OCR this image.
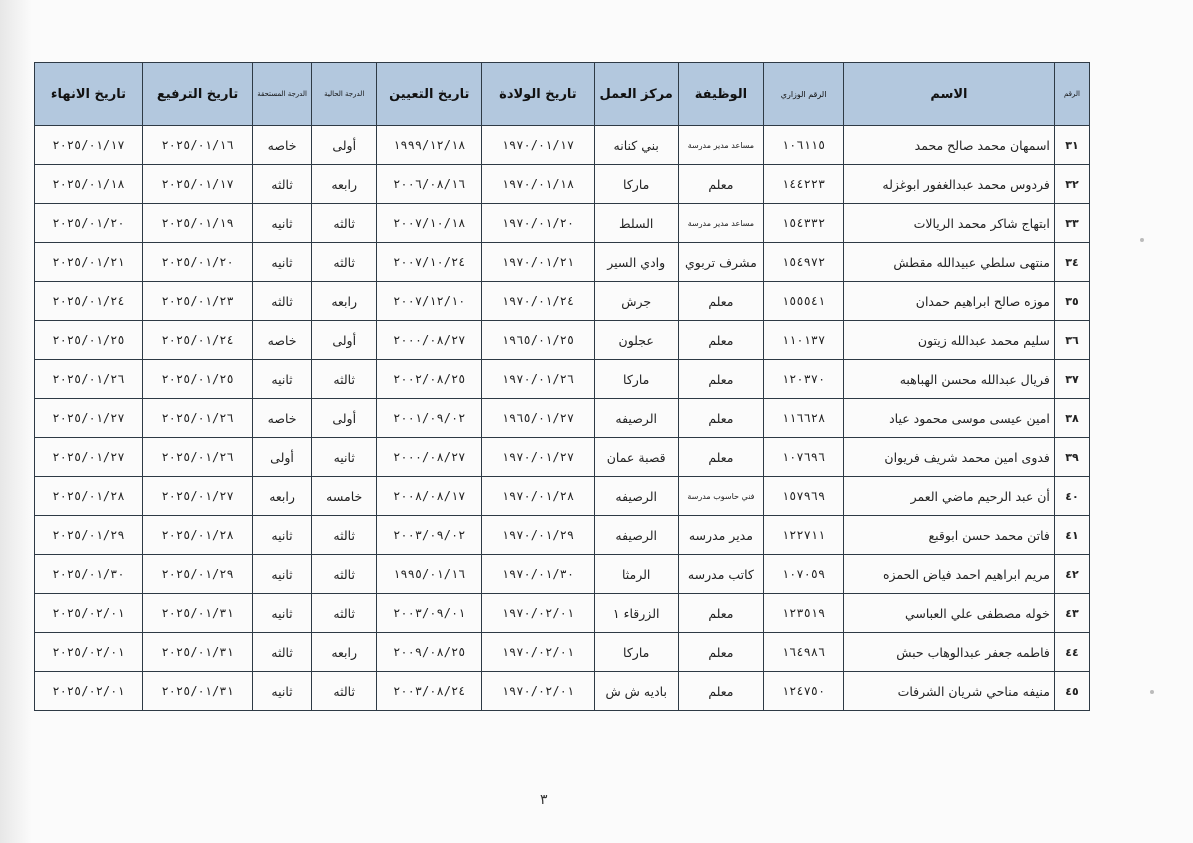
الرقم	الاسم	الرقم الوزاري	الوظيفة	مركز العمل	تاريخ الولادة	تاريخ التعيين	الدرجة الحالية	الدرجة المستحقة	تاريخ الترفيع	تاريخ الانهاء
٣١	اسمهان محمد صالح محمد	١٠٦١١٥	مساعد مدير مدرسة	بني كنانه	١٩٧٠/٠١/١٧	١٩٩٩/١٢/١٨	أولى	خاصه	٢٠٢٥/٠١/١٦	٢٠٢٥/٠١/١٧
٣٢	فردوس محمد عبدالغفور ابوغزله	١٤٤٢٢٣	معلم	ماركا	١٩٧٠/٠١/١٨	٢٠٠٦/٠٨/١٦	رابعه	ثالثه	٢٠٢٥/٠١/١٧	٢٠٢٥/٠١/١٨
٣٣	ابتهاج شاكر محمد الريالات	١٥٤٣٣٢	مساعد مدير مدرسة	السلط	١٩٧٠/٠١/٢٠	٢٠٠٧/١٠/١٨	ثالثه	ثانيه	٢٠٢٥/٠١/١٩	٢٠٢٥/٠١/٢٠
٣٤	منتهى سلطي عبيدالله مقطش	١٥٤٩٧٢	مشرف تربوي	وادي السير	١٩٧٠/٠١/٢١	٢٠٠٧/١٠/٢٤	ثالثه	ثانيه	٢٠٢٥/٠١/٢٠	٢٠٢٥/٠١/٢١
٣٥	موزه صالح ابراهيم حمدان	١٥٥٥٤١	معلم	جرش	١٩٧٠/٠١/٢٤	٢٠٠٧/١٢/١٠	رابعه	ثالثه	٢٠٢٥/٠١/٢٣	٢٠٢٥/٠١/٢٤
٣٦	سليم محمد عبدالله زيتون	١١٠١٣٧	معلم	عجلون	١٩٦٥/٠١/٢٥	٢٠٠٠/٠٨/٢٧	أولى	خاصه	٢٠٢٥/٠١/٢٤	٢٠٢٥/٠١/٢٥
٣٧	فريال عبدالله محسن الهباهبه	١٢٠٣٧٠	معلم	ماركا	١٩٧٠/٠١/٢٦	٢٠٠٢/٠٨/٢٥	ثالثه	ثانيه	٢٠٢٥/٠١/٢٥	٢٠٢٥/٠١/٢٦
٣٨	امين عيسى موسى محمود عياد	١١٦٦٢٨	معلم	الرصيفه	١٩٦٥/٠١/٢٧	٢٠٠١/٠٩/٠٢	أولى	خاصه	٢٠٢٥/٠١/٢٦	٢٠٢٥/٠١/٢٧
٣٩	فدوى امين محمد شريف فريوان	١٠٧٦٩٦	معلم	قصبة عمان	١٩٧٠/٠١/٢٧	٢٠٠٠/٠٨/٢٧	ثانيه	أولى	٢٠٢٥/٠١/٢٦	٢٠٢٥/٠١/٢٧
٤٠	أن عبد الرحيم ماضي العمر	١٥٧٩٦٩	فني حاسوب مدرسة	الرصيفه	١٩٧٠/٠١/٢٨	٢٠٠٨/٠٨/١٧	خامسه	رابعه	٢٠٢٥/٠١/٢٧	٢٠٢٥/٠١/٢٨
٤١	فاتن محمد حسن ابوقبع	١٢٢٧١١	مدير مدرسه	الرصيفه	١٩٧٠/٠١/٢٩	٢٠٠٣/٠٩/٠٢	ثالثه	ثانيه	٢٠٢٥/٠١/٢٨	٢٠٢٥/٠١/٢٩
٤٢	مريم ابراهيم احمد فياض الحمزه	١٠٧٠٥٩	كاتب مدرسه	الرمثا	١٩٧٠/٠١/٣٠	١٩٩٥/٠١/١٦	ثالثه	ثانيه	٢٠٢٥/٠١/٢٩	٢٠٢٥/٠١/٣٠
٤٣	خوله مصطفى علي العباسي	١٢٣٥١٩	معلم	الزرقاء ١	١٩٧٠/٠٢/٠١	٢٠٠٣/٠٩/٠١	ثالثه	ثانيه	٢٠٢٥/٠١/٣١	٢٠٢٥/٠٢/٠١
٤٤	فاطمه جعفر عبدالوهاب حبش	١٦٤٩٨٦	معلم	ماركا	١٩٧٠/٠٢/٠١	٢٠٠٩/٠٨/٢٥	رابعه	ثالثه	٢٠٢٥/٠١/٣١	٢٠٢٥/٠٢/٠١
٤٥	منيفه مناحي شريان الشرفات	١٢٤٧٥٠	معلم	باديه ش ش	١٩٧٠/٠٢/٠١	٢٠٠٣/٠٨/٢٤	ثالثه	ثانيه	٢٠٢٥/٠١/٣١	٢٠٢٥/٠٢/٠١
٣
